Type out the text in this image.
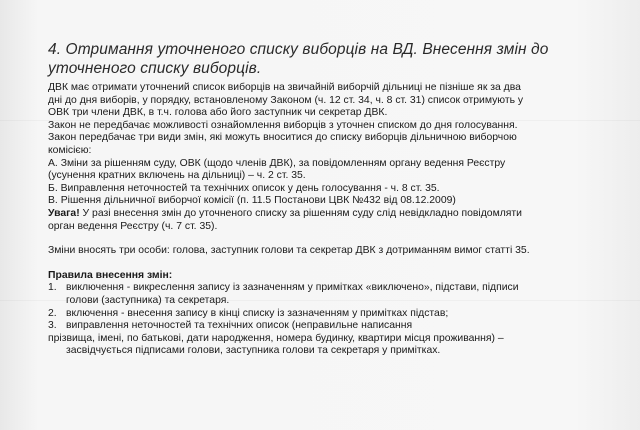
4. Отримання уточненого списку виборців на ВД. Внесення змін до
уточненого списку виборців.

ДВК має отримати уточнений список виборців на звичайній виборчій дільниці не пізніше як за два

дні до дня виборів, у порядку, встановленому Законом (ч. 12 ст. 34, ч. 8 ст. 31) список отримують у

ОВК три члени ДВК, в т.ч. голова або його заступник чи секретар ДВК.

Закон не передбачає можливості ознайомлення виборців з уточнен списком до дня голосування.

Закон передбачає три види змін, які можуть вноситися до списку виборців дільничною виборчою

комісією:

А. Зміни за рішенням суду, ОВК (щодо членів ДВК), за повідомленням органу ведення Реєстру

(усунення кратних включень на дільниці) – ч. 2 ст. 35.

Б. Виправлення неточностей та технічних описок у день голосування - ч. 8 ст. 35.

В. Рішення дільничної виборчої комісії (п. 11.5 Постанови ЦВК №432 від 08.12.2009)

Увага! У разі внесення змін до уточненого списку за рішенням суду слід невідкладно повідомляти

орган ведення Реєстру (ч. 7 ст. 35).

Зміни вносять три особи: голова, заступник голови та секретар ДВК з дотриманням вимог статті 35.

Правила внесення змін:

1. виключення - викреслення запису із зазначенням у примітках «виключено», підстави, підписи

голови (заступника) та секретаря.

2. включення - внесення запису в кінці списку із зазначенням у примітках підстав;

3. виправлення неточностей та технічних описок (неправильне написання

прізвища, імені, по батькові, дати народження, номера будинку, квартири місця проживання) –

засвідчується підписами голови, заступника голови та секретаря у примітках.
